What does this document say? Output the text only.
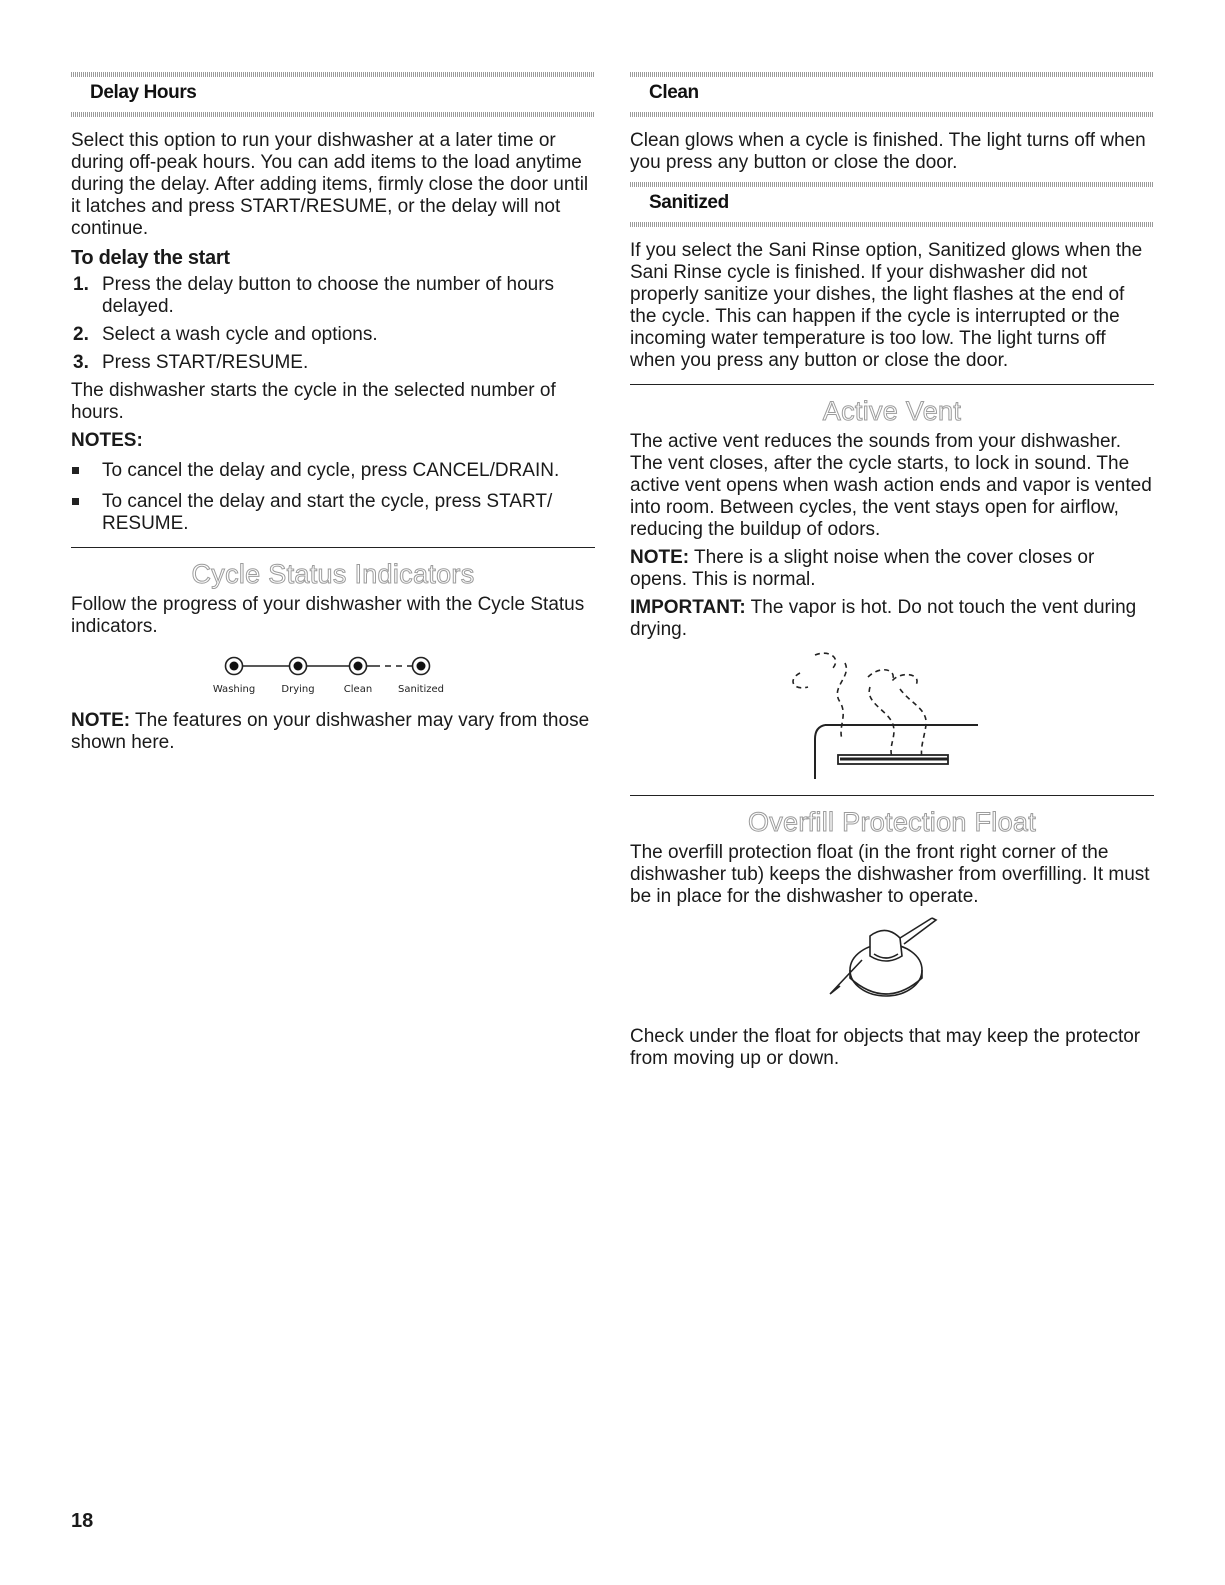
Delay Hours

Select this option to run your dishwasher at a later time or during off-peak hours. You can add items to the load anytime during the delay. After adding items, firmly close the door until it latches and press START/RESUME, or the delay will not continue.

To delay the start
1. Press the delay button to choose the number of hours delayed.
2. Select a wash cycle and options.
3. Press START/RESUME.

The dishwasher starts the cycle in the selected number of hours.

NOTES:
To cancel the delay and cycle, press CANCEL/DRAIN.
To cancel the delay and start the cycle, press START/ RESUME.
Cycle Status Indicators

Follow the progress of your dishwasher with the Cycle Status indicators.

Washing	Drying	Clean	Sanitized

NOTE: The features on your dishwasher may vary from those shown here.

Clean

Clean glows when a cycle is finished. The light turns off when you press any button or close the door.

Sanitized

If you select the Sani Rinse option, Sanitized glows when the Sani Rinse cycle is finished. If your dishwasher did not properly sanitize your dishes, the light flashes at the end of the cycle. This can happen if the cycle is interrupted or the incoming water temperature is too low. The light turns off when you press any button or close the door.

Active Vent

The active vent reduces the sounds from your dishwasher. The vent closes, after the cycle starts, to lock in sound. The active vent opens when wash action ends and vapor is vented into room. Between cycles, the vent stays open for airflow, reducing the buildup of odors.

NOTE: There is a slight noise when the cover closes or opens. This is normal.

IMPORTANT: The vapor is hot. Do not touch the vent during drying.

Overfill Protection Float

The overfill protection float (in the front right corner of the dishwasher tub) keeps the dishwasher from overfilling. It must be in place for the dishwasher to operate.

Check under the float for objects that may keep the protector from moving up or down.

18
